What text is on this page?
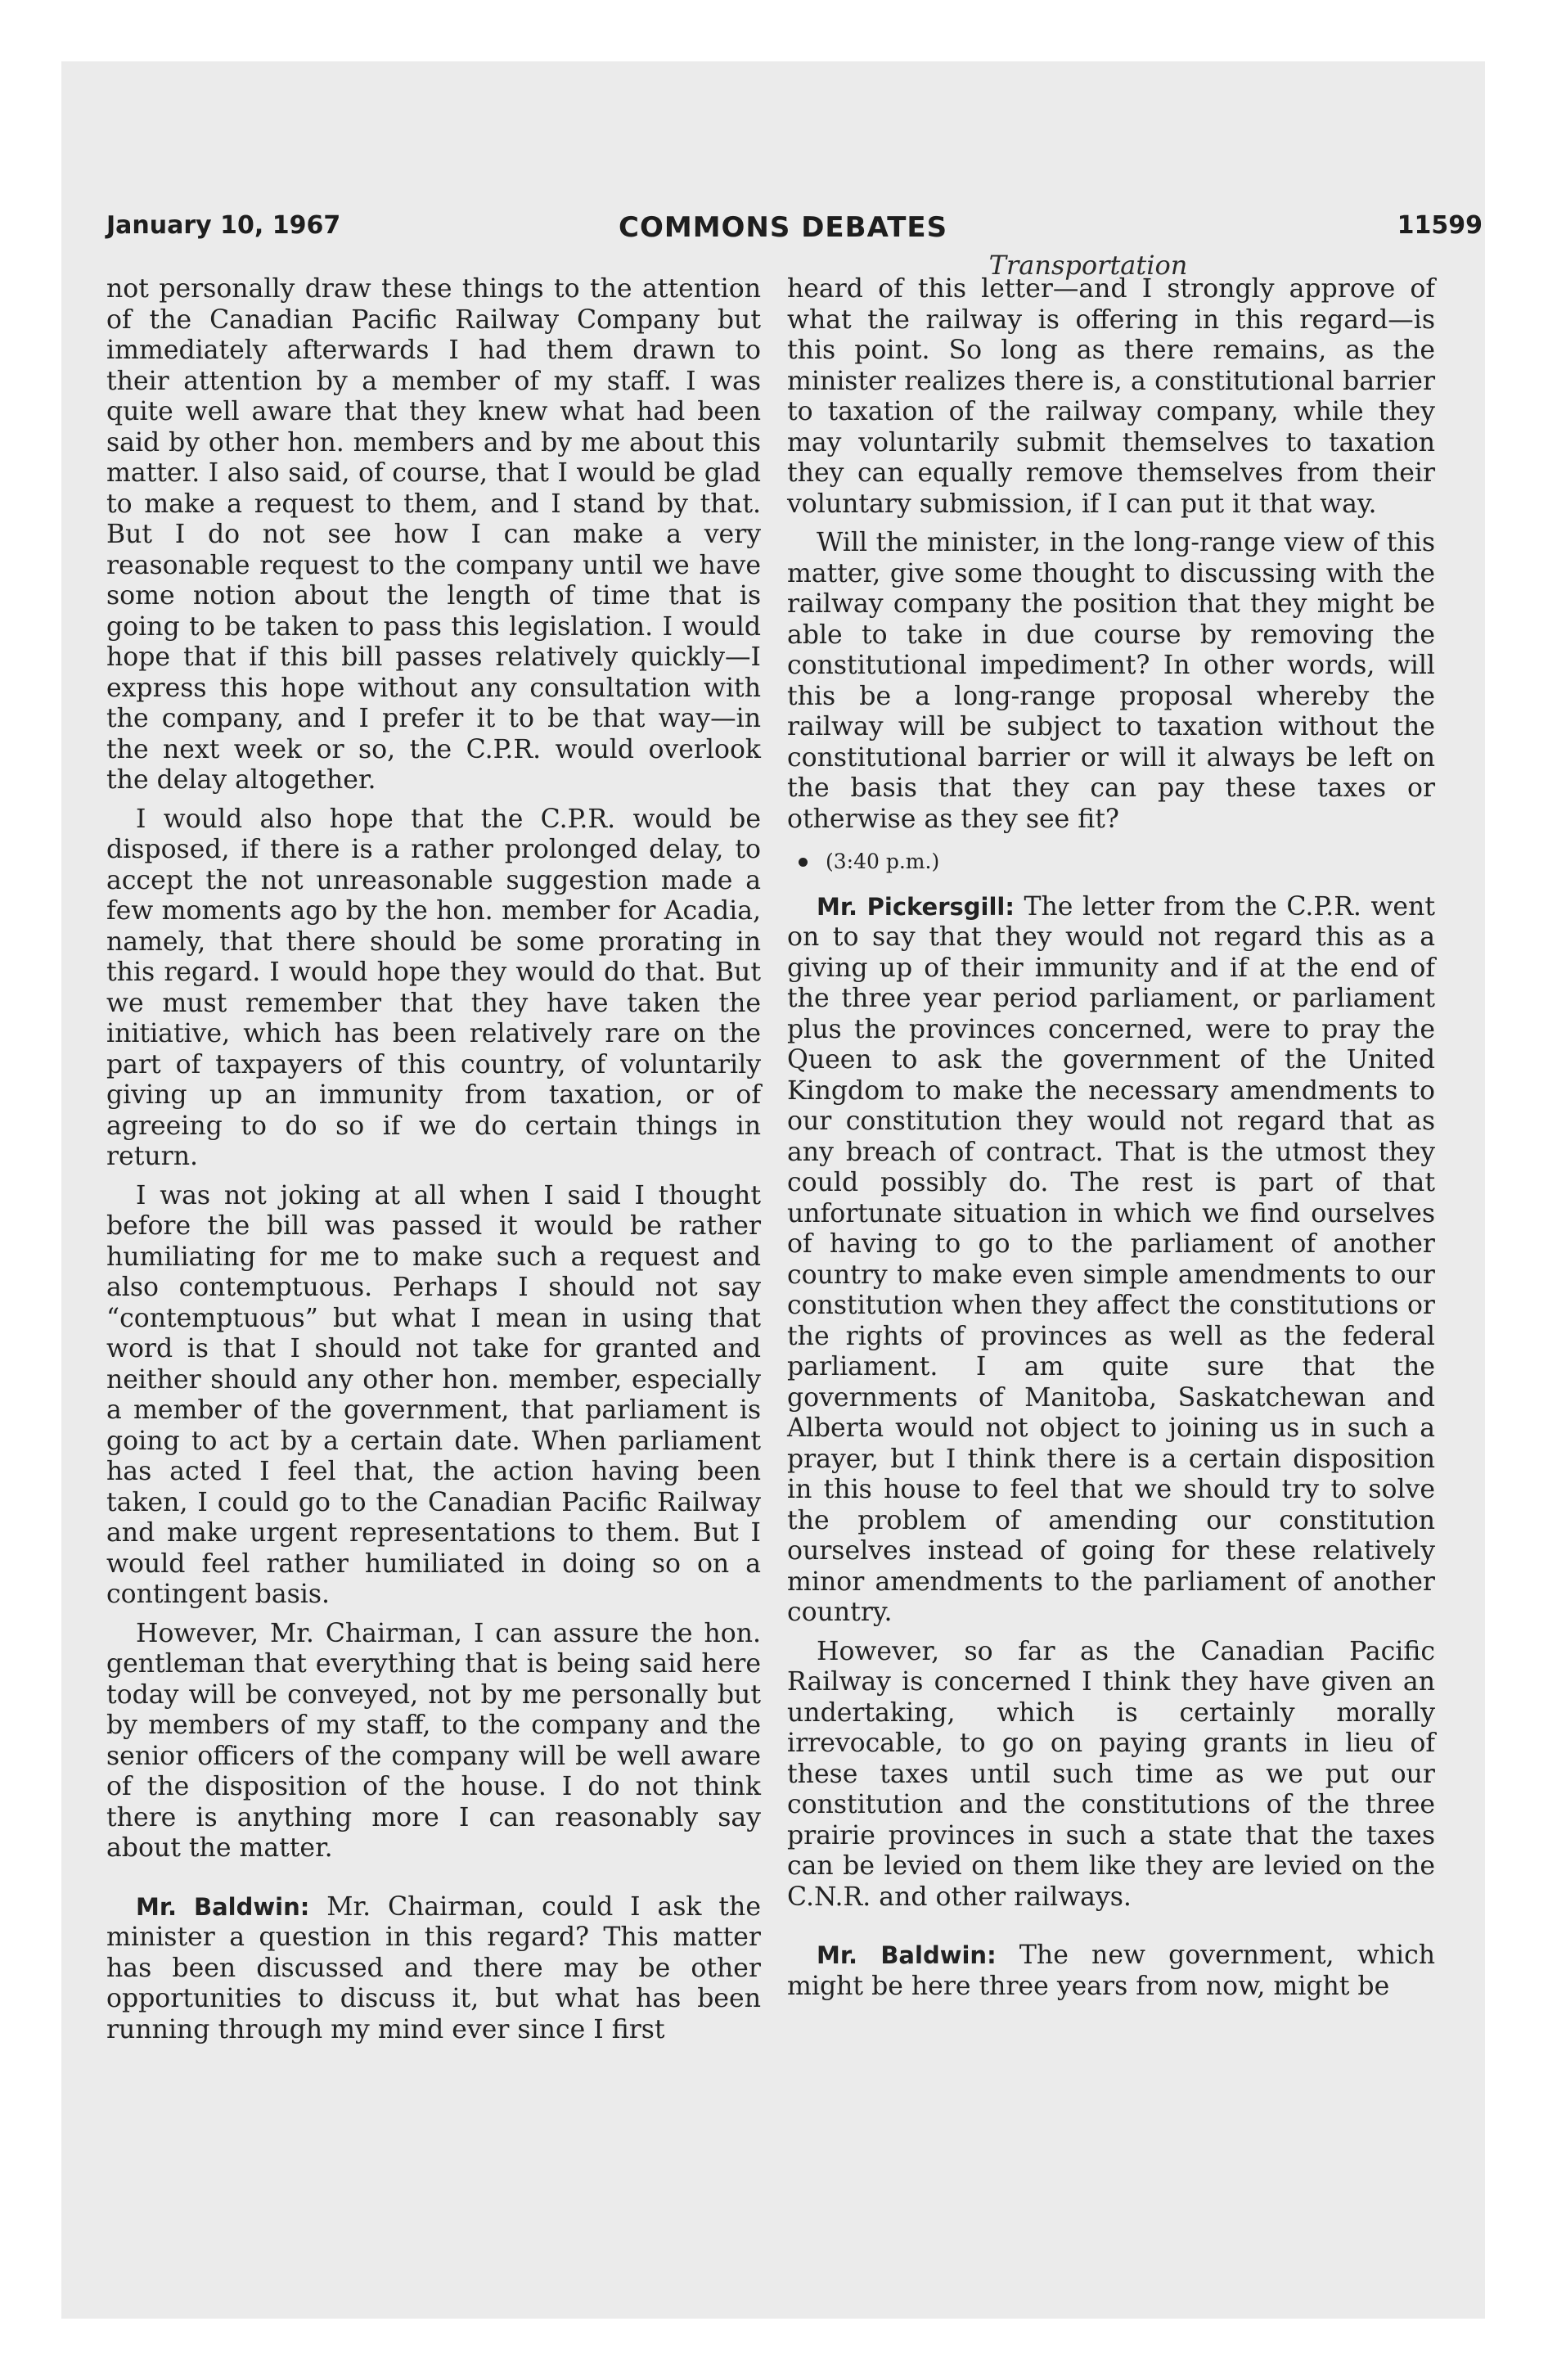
January 10, 1967	COMMONS DEBATES	11599
Transportation

not personally draw these things to the attention of the Canadian Pacific Railway Company but immediately afterwards I had them drawn to their attention by a member of my staff. I was quite well aware that they knew what had been said by other hon. members and by me about this matter. I also said, of course, that I would be glad to make a request to them, and I stand by that. But I do not see how I can make a very reasonable request to the company until we have some notion about the length of time that is going to be taken to pass this legislation. I would hope that if this bill passes relatively quickly—I express this hope without any consultation with the company, and I prefer it to be that way—in the next week or so, the C.P.R. would overlook the delay altogether.

I would also hope that the C.P.R. would be disposed, if there is a rather prolonged delay, to accept the not unreasonable suggestion made a few moments ago by the hon. member for Acadia, namely, that there should be some prorating in this regard. I would hope they would do that. But we must remember that they have taken the initiative, which has been relatively rare on the part of taxpayers of this country, of voluntarily giving up an immunity from taxation, or of agreeing to do so if we do certain things in return.

I was not joking at all when I said I thought before the bill was passed it would be rather humiliating for me to make such a request and also contemptuous. Perhaps I should not say “contemptuous” but what I mean in using that word is that I should not take for granted and neither should any other hon. member, especially a member of the government, that parliament is going to act by a certain date. When parliament has acted I feel that, the action having been taken, I could go to the Canadian Pacific Railway and make urgent representations to them. But I would feel rather humiliated in doing so on a contingent basis.

However, Mr. Chairman, I can assure the hon. gentleman that everything that is being said here today will be conveyed, not by me personally but by members of my staff, to the company and the senior officers of the company will be well aware of the disposition of the house. I do not think there is anything more I can reasonably say about the matter.

Mr. Baldwin: Mr. Chairman, could I ask the minister a question in this regard? This matter has been discussed and there may be other opportunities to discuss it, but what has been running through my mind ever since I first

heard of this letter—and I strongly approve of what the railway is offering in this regard—is this point. So long as there remains, as the minister realizes there is, a constitutional barrier to taxation of the railway company, while they may voluntarily submit themselves to taxation they can equally remove themselves from their voluntary submission, if I can put it that way.

Will the minister, in the long-range view of this matter, give some thought to discussing with the railway company the position that they might be able to take in due course by removing the constitutional impediment? In other words, will this be a long-range proposal whereby the railway will be subject to taxation without the constitutional barrier or will it always be left on the basis that they can pay these taxes or otherwise as they see fit?

(3:40 p.m.)

Mr. Pickersgill: The letter from the C.P.R. went on to say that they would not regard this as a giving up of their immunity and if at the end of the three year period parliament, or parliament plus the provinces concerned, were to pray the Queen to ask the government of the United Kingdom to make the necessary amendments to our constitution they would not regard that as any breach of contract. That is the utmost they could possibly do. The rest is part of that unfortunate situation in which we find ourselves of having to go to the parliament of another country to make even simple amendments to our constitution when they affect the constitutions or the rights of provinces as well as the federal parliament. I am quite sure that the governments of Manitoba, Saskatchewan and Alberta would not object to joining us in such a prayer, but I think there is a certain disposition in this house to feel that we should try to solve the problem of amending our constitution ourselves instead of going for these relatively minor amendments to the parliament of another country.

However, so far as the Canadian Pacific Railway is concerned I think they have given an undertaking, which is certainly morally irrevocable, to go on paying grants in lieu of these taxes until such time as we put our constitution and the constitutions of the three prairie provinces in such a state that the taxes can be levied on them like they are levied on the C.N.R. and other railways.

Mr. Baldwin: The new government, which might be here three years from now, might be
